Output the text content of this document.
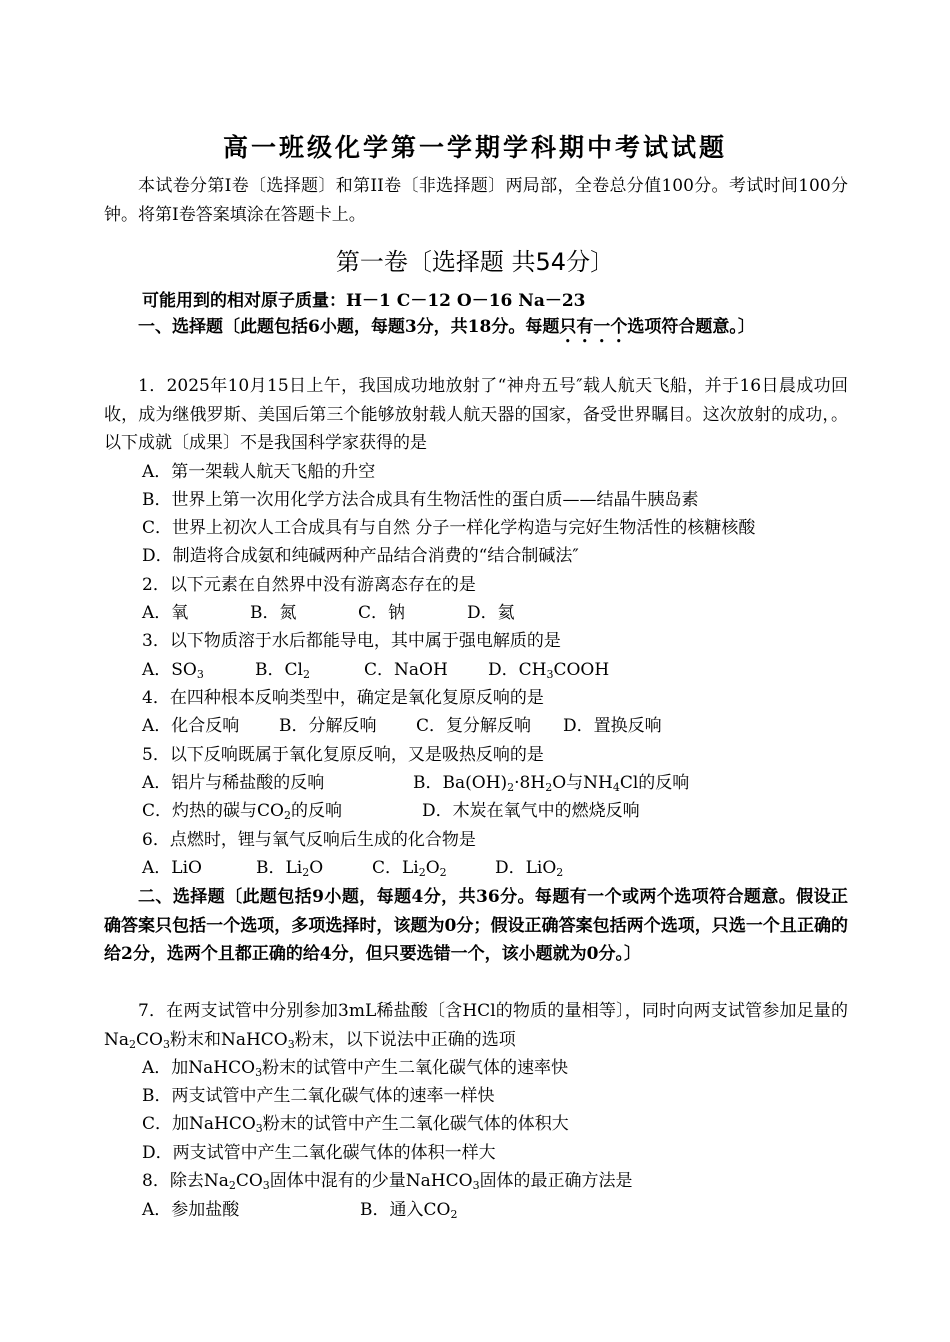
高一班级化学第一学期学科期中考试试题
本试卷分第I卷〔选择题〕和第II卷〔非选择题〕两局部，全卷总分值100分。考试时间100分钟。将第I卷答案填涂在答题卡上。
第一卷〔选择题 共54分〕
可能用到的相对原子质量：H－1 C－12 O－16 Na－23
一、选择题〔此题包括6小题，每题3分，共18分。每题只有一个选项符合题意。〕
1．2025年10月15日上午，我国成功地放射了“神舟五号″载人航天飞船，并于16日晨成功回收，成为继俄罗斯、美国后第三个能够放射载人航天器的国家，备受世界瞩目。这次放射的成功，。以下成就〔成果〕不是我国科学家获得的是
A．第一架载人航天飞船的升空
B．世界上第一次用化学方法合成具有生物活性的蛋白质——结晶牛胰岛素
C．世界上初次人工合成具有与自然 分子一样化学构造与完好生物活性的核糖核酸
D．制造将合成氨和纯碱两种产品结合消费的“结合制碱法″
2．以下元素在自然界中没有游离态存在的是
A．氧	B．氮	C．钠	D．氦
3．以下物质溶于水后都能导电，其中属于强电解质的是
A．$SO_3$	B．$Cl_2$	C．NaOH D．$CH_3COOH$
4．在四种根本反响类型中，确定是氧化复原反响的是
A．化合反响 B．分解反响 C．复分解反响 D．置换反响
5．以下反响既属于氧化复原反响，又是吸热反响的是
A．铝片与稀盐酸的反响	B．$Ba(OH)_2\cdot 8H_2O$与$NH_4Cl$的反响
C．灼热的碳与$CO_2$的反响	D．木炭在氧气中的燃烧反响
6．点燃时，锂与氧气反响后生成的化合物是
A．LiO	B．$Li_2O$	C．$Li_2O_2$	D．LiO$_2$
二、选择题〔此题包括9小题，每题4分，共36分。每题有一个或两个选项符合题意。假设正确答案只包括一个选项，多项选择时，该题为0分；假设正确答案包括两个选项，只选一个且正确的给2分，选两个且都正确的给4分，但只要选错一个，该小题就为0分。〕
7．在两支试管中分别参加3mL稀盐酸〔含HCl的物质的量相等〕，同时向两支试管参加足量的$Na_2CO_3$粉末和NaHCO$_3$粉末，以下说法中正确的选项
A．加NaHCO$_3$粉末的试管中产生二氧化碳气体的速率快
B．两支试管中产生二氧化碳气体的速率一样快
C．加NaHCO$_3$粉末的试管中产生二氧化碳气体的体积大
D．两支试管中产生二氧化碳气体的体积一样大
8．除去$Na_2CO_3$固体中混有的少量NaHCO$_3$固体的最正确方法是
A．参加盐酸	B．通入$CO_2$
